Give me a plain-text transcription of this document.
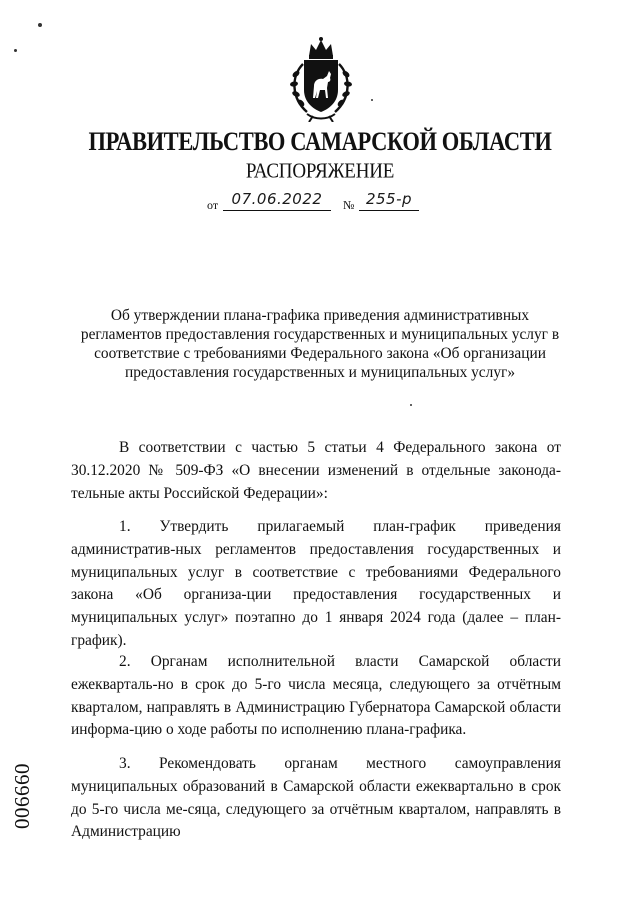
ПРАВИТЕЛЬСТВО САМАРСКОЙ ОБЛАСТИ
РАСПОРЯЖЕНИЕ
от 07.06.2022	№ 255-р
Об утверждении плана-графика приведения административных регламентов предоставления государственных и муниципальных услуг в соответствие с требованиями Федерального закона «Об организации предоставления государственных и муниципальных услуг»

В соответствии с частью 5 статьи 4 Федерального закона от 30.12.2020 № 509-ФЗ «О внесении изменений в отдельные законода-тельные акты Российской Федерации»:

1. Утвердить прилагаемый план-график приведения административ-ных регламентов предоставления государственных и муниципальных услуг в соответствие с требованиями Федерального закона «Об организа-ции предоставления государственных и муниципальных услуг» поэтапно до 1 января 2024 года (далее – план-график).

2. Органам исполнительной власти Самарской области ежекварталь-но в срок до 5-го числа месяца, следующего за отчётным кварталом, направлять в Администрацию Губернатора Самарской области информа-цию о ходе работы по исполнению плана-графика.

3. Рекомендовать органам местного самоуправления муниципальных образований в Самарской области ежеквартально в срок до 5-го числа ме-сяца, следующего за отчётным кварталом, направлять в Администрацию

006660
